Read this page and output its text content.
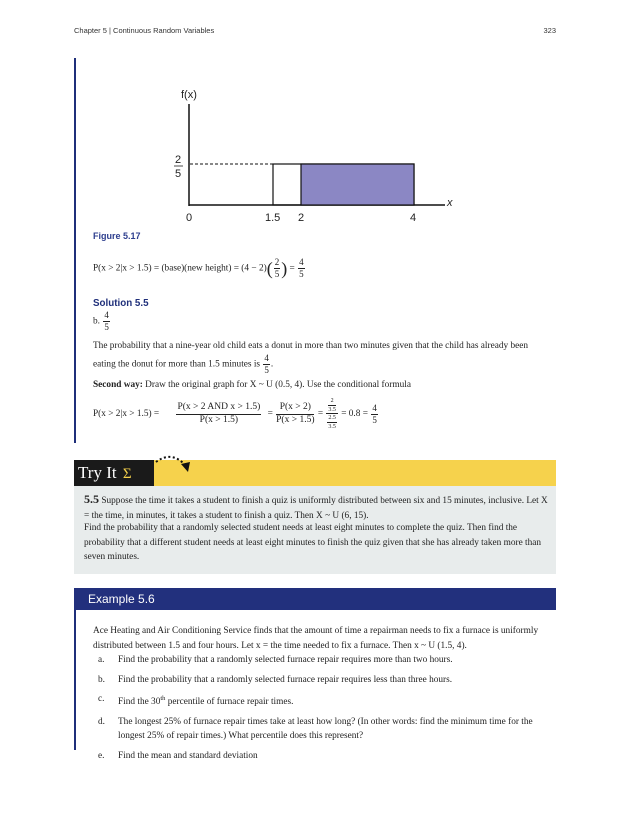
Chapter 5 | Continuous Random Variables	323
f(x)
x
2
5
0	1.5 2	4
Figure 5.17
P(x > 2|x > 1.5) = (base)(new height) = $(4 - 2)( \frac{2}{5}$ ) = $\frac{4}{5}$
Solution 5.5
b. $\frac{4}{5}$
The probability that a nine-year old child eats a donut in more than two minutes given that the child has already been eating the donut for more than 1.5 minutes is $\frac{4}{5}$ .
Second way: Draw the original graph for X ~ U (0.5, 4). Use the conditional formula
$P(x > 2|x > 1.5) = \frac{\text{P(x > 2 AND x > 1.5)}}{P(x > 1.5)} = \frac{P(x > 2)}{P(x > 1.5)} = 2$
3.5
2.5
$3.5 = 0.8 = \frac{4}{5}$
Try It Σ
5.5 Suppose the time it takes a student to finish a quiz is uniformly distributed between six and 15 minutes, inclusive. Let X = the time, in minutes, it takes a student to finish a quiz. Then X ~ U (6, 15).
Find the probability that a randomly selected student needs at least eight minutes to complete the quiz. Then find the probability that a different student needs at least eight minutes to finish the quiz given that she has already taken more than seven minutes.
Example 5.6
Ace Heating and Air Conditioning Service finds that the amount of time a repairman needs to fix a furnace is uniformly distributed between 1.5 and four hours. Let x = the time needed to fix a furnace. Then x ~ U (1.5, 4).
a. Find the probability that a randomly selected furnace repair requires more than two hours.
b. Find the probability that a randomly selected furnace repair requires less than three hours.
c. Find the 30th percentile of furnace repair times.
d. The longest 25% of furnace repair times take at least how long? (In other words: find the minimum time for the longest 25% of repair times.) What percentile does this represent?
e. Find the mean and standard deviation
